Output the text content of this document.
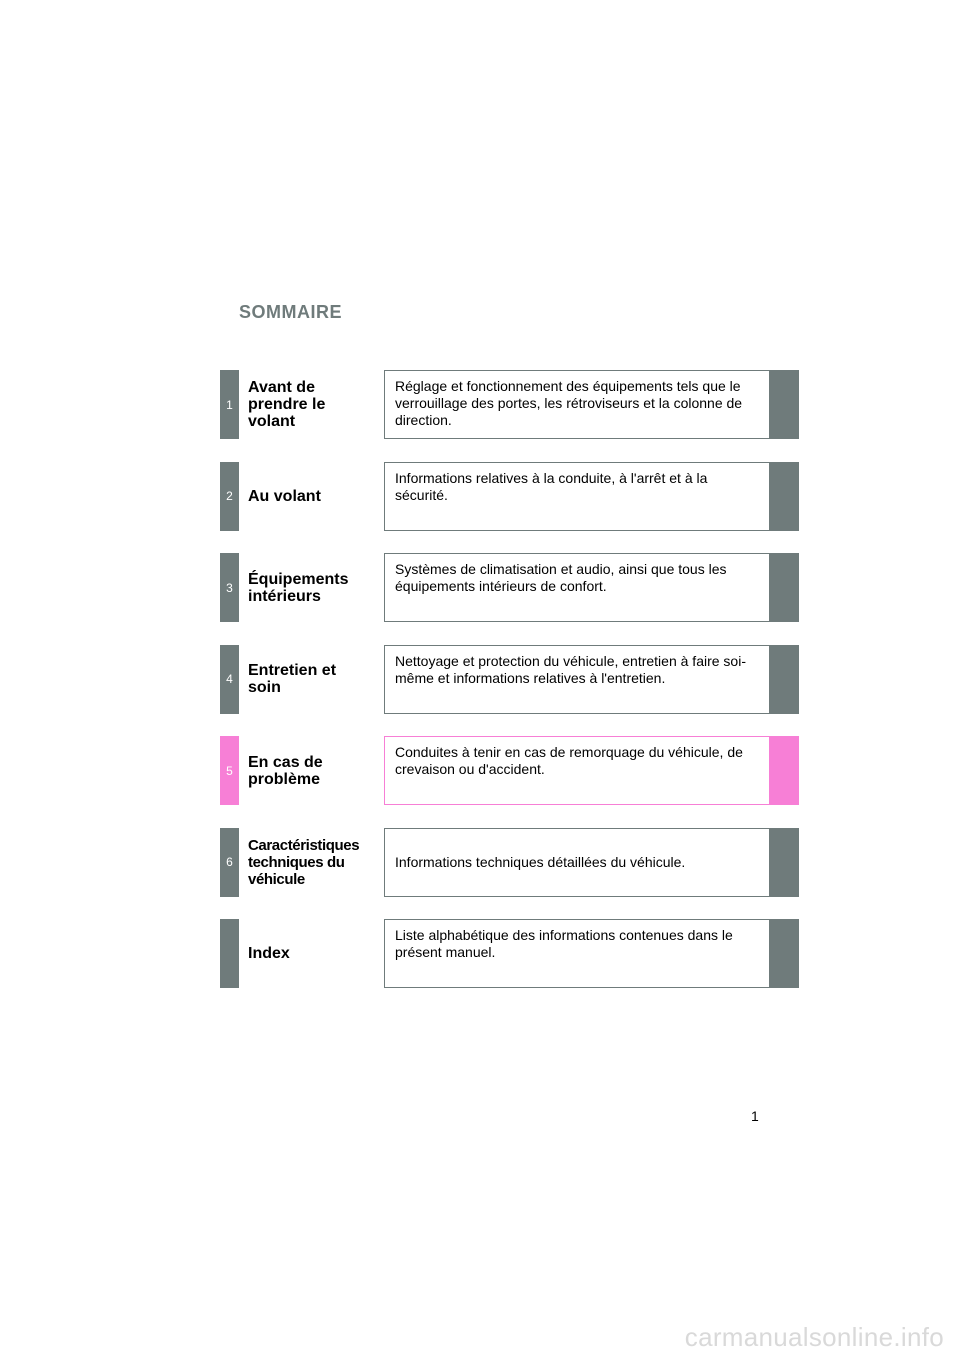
SOMMAIRE
1
Avant de
prendre le
volant
Réglage et fonctionnement des équipements tels que le verrouillage des portes, les rétroviseurs et la colonne de direction.
2 Au volant
Informations relatives à la conduite, à l'arrêt et à la sécurité.
3 Équipements
intérieurs
Systèmes de climatisation et audio, ainsi que tous les équipements intérieurs de confort.
4 Entretien et
soin
Nettoyage et protection du véhicule, entretien à faire soi-même et informations relatives à l'entretien.
5 En cas de
problème
Conduites à tenir en cas de remorquage du véhicule, de crevaison ou d'accident.
6
Caractéristiques
techniques du
véhicule
Informations techniques détaillées du véhicule.
Index
Liste alphabétique des informations contenues dans le présent manuel.
1
carmanualsonline.info
